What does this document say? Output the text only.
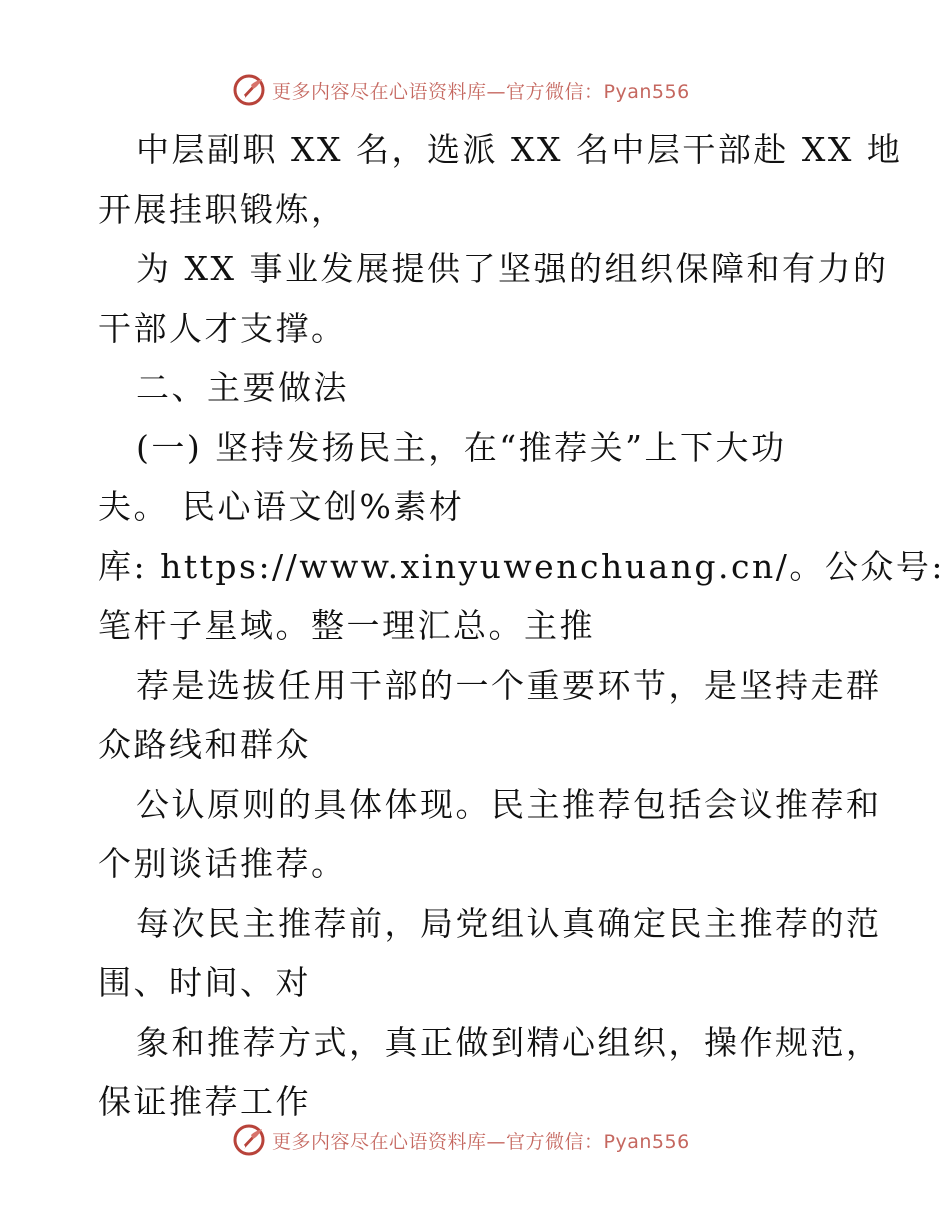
更多内容尽在心语资料库—官方微信：Pyan556
中层副职 XX 名，选派 XX 名中层干部赴 XX 地
开展挂职锻炼，
为 XX 事业发展提供了坚强的组织保障和有力的
干部人才支撑。
二、主要做法
(一) 坚持发扬民主，在“推荐关”上下大功
夫。 民心语文创%素材
库: https://www.xinyuwenchuang.cn/。公众号:
笔杆子星域。整一理汇总。主推
荐是选拔任用干部的一个重要环节，是坚持走群
众路线和群众
公认原则的具体体现。民主推荐包括会议推荐和
个别谈话推荐。
每次民主推荐前，局党组认真确定民主推荐的范
围、时间、对
象和推荐方式，真正做到精心组织，操作规范，
保证推荐工作
更多内容尽在心语资料库—官方微信：Pyan556
